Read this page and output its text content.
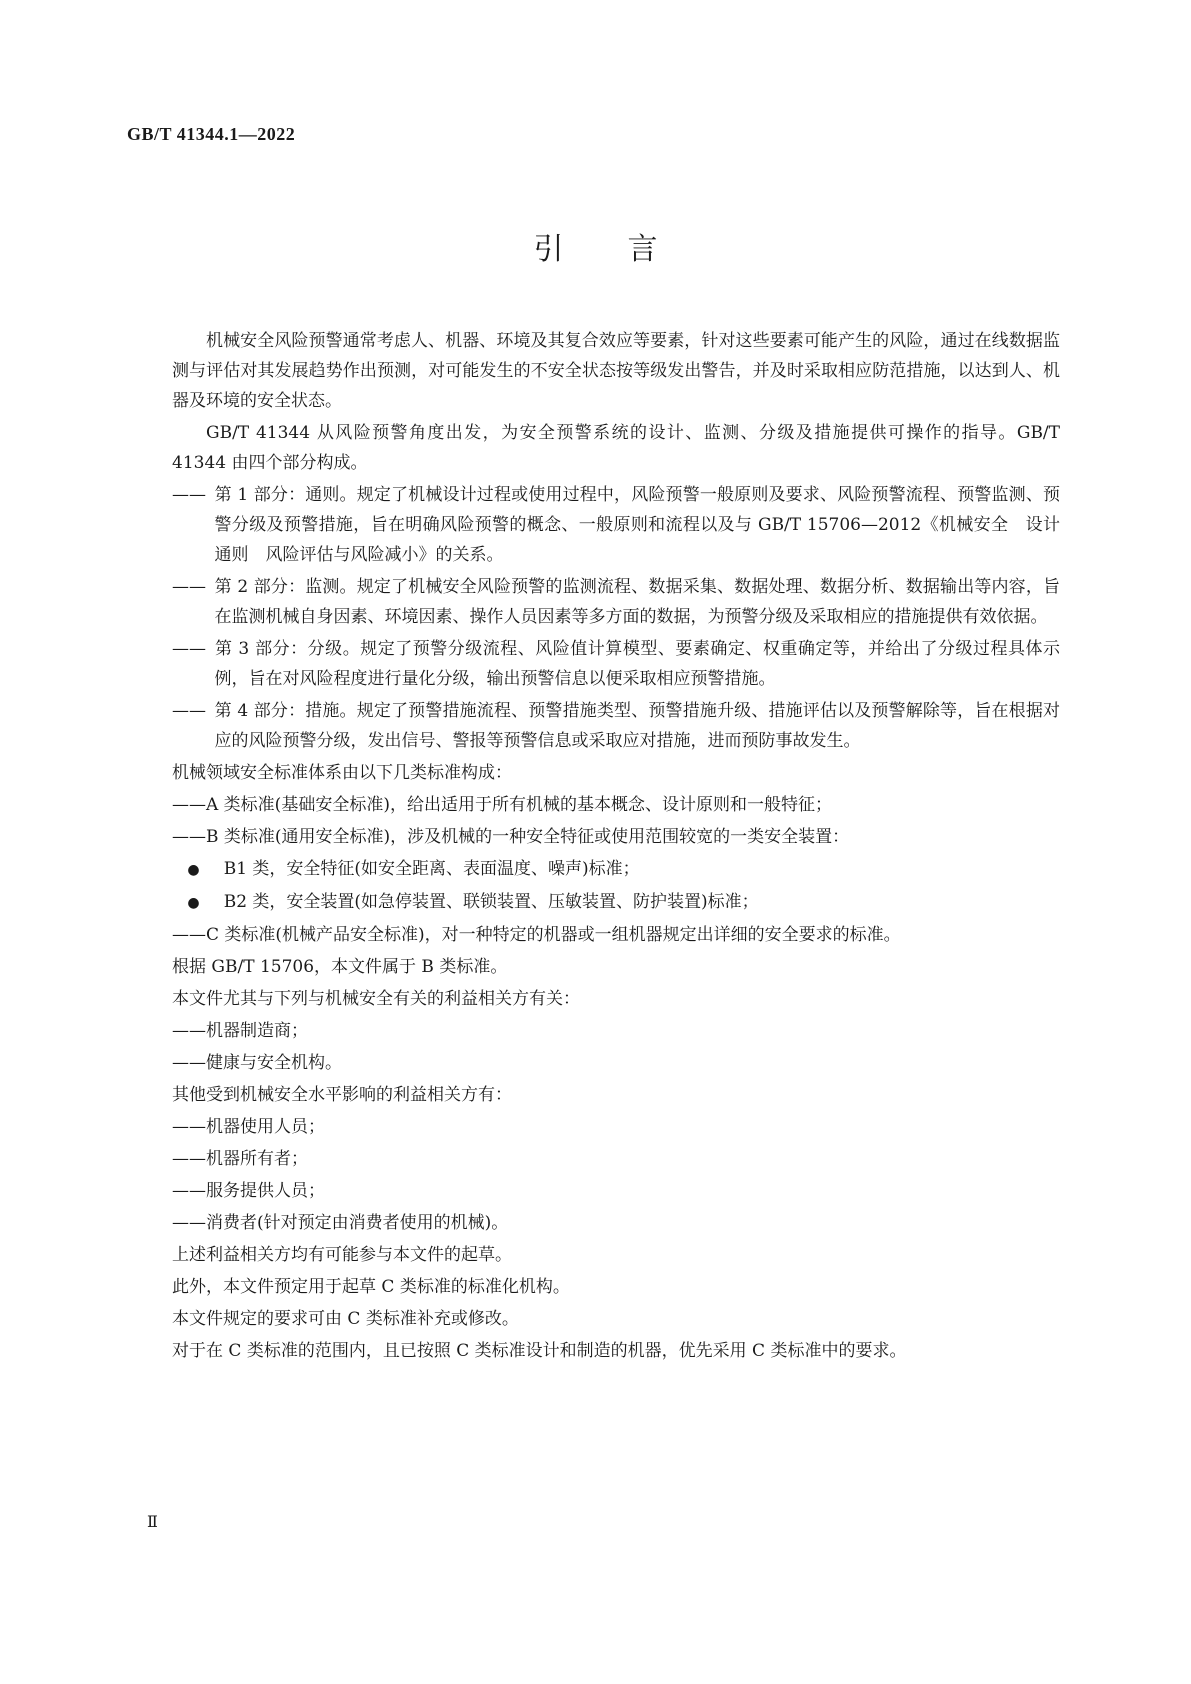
GB/T 41344.1—2022
引言

机械安全风险预警通常考虑人、机器、环境及其复合效应等要素，针对这些要素可能产生的风险，通过在线数据监测与评估对其发展趋势作出预测，对可能发生的不安全状态按等级发出警告，并及时采取相应防范措施，以达到人、机器及环境的安全状态。

GB/T 41344 从风险预警角度出发，为安全预警系统的设计、监测、分级及措施提供可操作的指导。GB/T 41344 由四个部分构成。

—— 第 1 部分：通则。规定了机械设计过程或使用过程中，风险预警一般原则及要求、风险预警流程、预警监测、预警分级及预警措施，旨在明确风险预警的概念、一般原则和流程以及与 GB/T 15706—2012《机械安全　设计通则　风险评估与风险减小》的关系。

—— 第 2 部分：监测。规定了机械安全风险预警的监测流程、数据采集、数据处理、数据分析、数据输出等内容，旨在监测机械自身因素、环境因素、操作人员因素等多方面的数据，为预警分级及采取相应的措施提供有效依据。

—— 第 3 部分：分级。规定了预警分级流程、风险值计算模型、要素确定、权重确定等，并给出了分级过程具体示例，旨在对风险程度进行量化分级，输出预警信息以便采取相应预警措施。

—— 第 4 部分：措施。规定了预警措施流程、预警措施类型、预警措施升级、措施评估以及预警解除等，旨在根据对应的风险预警分级，发出信号、警报等预警信息或采取应对措施，进而预防事故发生。

机械领域安全标准体系由以下几类标准构成：

——A 类标准(基础安全标准)，给出适用于所有机械的基本概念、设计原则和一般特征；

——B 类标准(通用安全标准)，涉及机械的一种安全特征或使用范围较宽的一类安全装置：

● B1 类，安全特征(如安全距离、表面温度、噪声)标准；

● B2 类，安全装置(如急停装置、联锁装置、压敏装置、防护装置)标准；

——C 类标准(机械产品安全标准)，对一种特定的机器或一组机器规定出详细的安全要求的标准。

根据 GB/T 15706，本文件属于 B 类标准。

本文件尤其与下列与机械安全有关的利益相关方有关：

——机器制造商；

——健康与安全机构。

其他受到机械安全水平影响的利益相关方有：

——机器使用人员；

——机器所有者；

——服务提供人员；

——消费者(针对预定由消费者使用的机械)。

上述利益相关方均有可能参与本文件的起草。

此外，本文件预定用于起草 C 类标准的标准化机构。

本文件规定的要求可由 C 类标准补充或修改。

对于在 C 类标准的范围内，且已按照 C 类标准设计和制造的机器，优先采用 C 类标准中的要求。

Ⅱ
